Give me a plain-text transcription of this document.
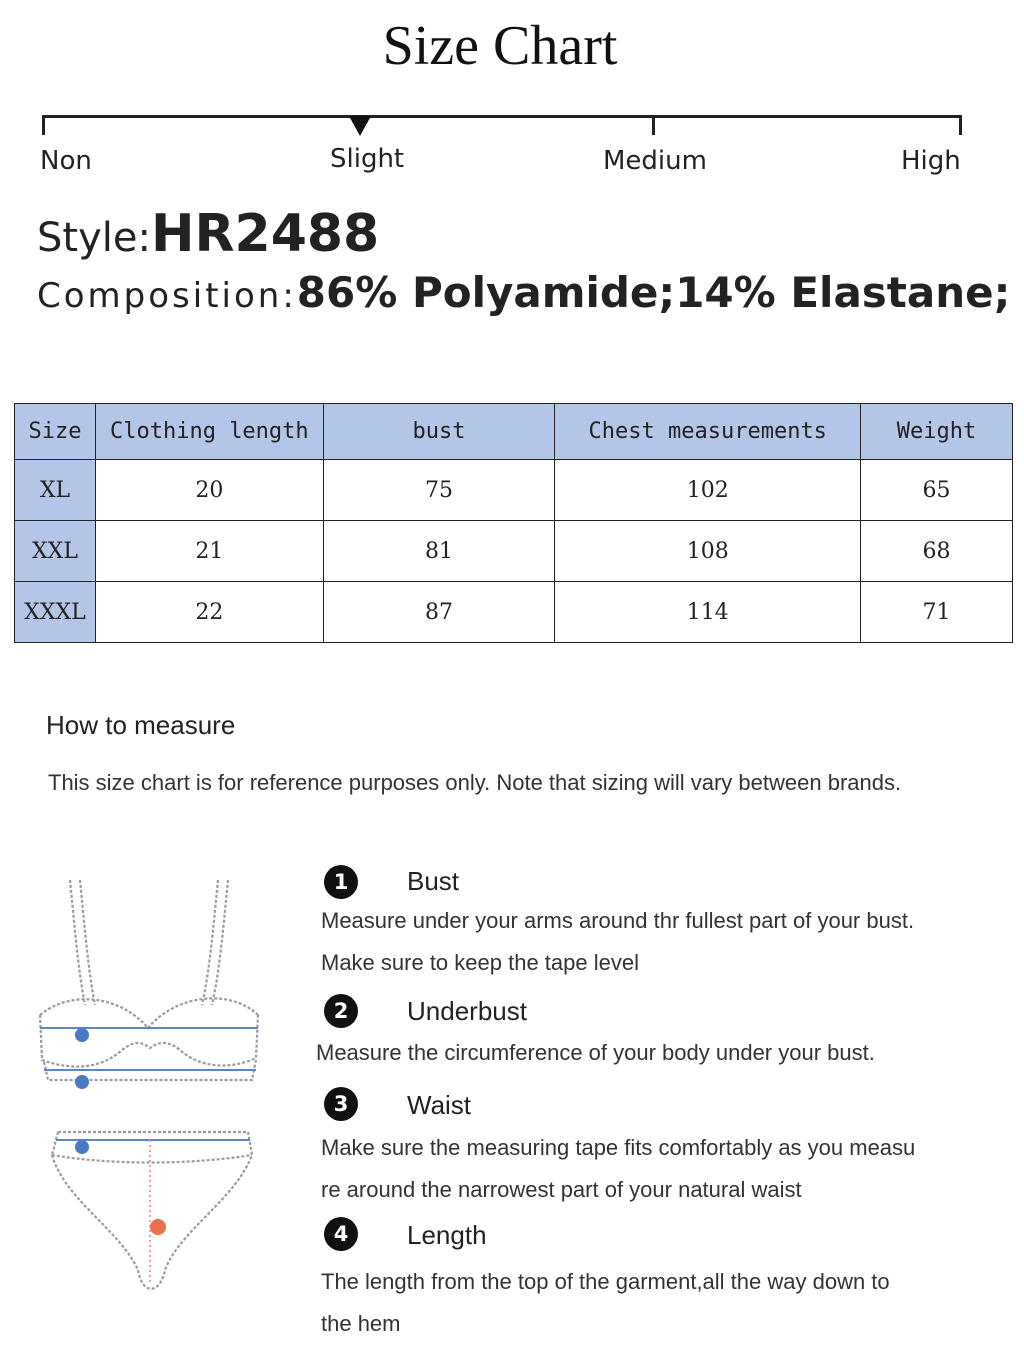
Size Chart
Non	Slight	Medium	High
Style:HR2488
Composition:86% Polyamide;14% Elastane;
Size	Clothing length	bust	Chest measurements	Weight
XL	20	75	102	65
XXL	21	81	108	68
XXXL	22	87	114	71
How to measure
This size chart is for reference purposes only. Note that sizing will vary between brands.
1	Bust
Measure under your arms around thr fullest part of your bust.
Make sure to keep the tape level
2	Underbust
Measure the circumference of your body under your bust.
3	Waist
Make sure the measuring tape fits comfortably as you measu
re around the narrowest part of your natural waist
4	Length
The length from the top of the garment,all the way down to
the hem
